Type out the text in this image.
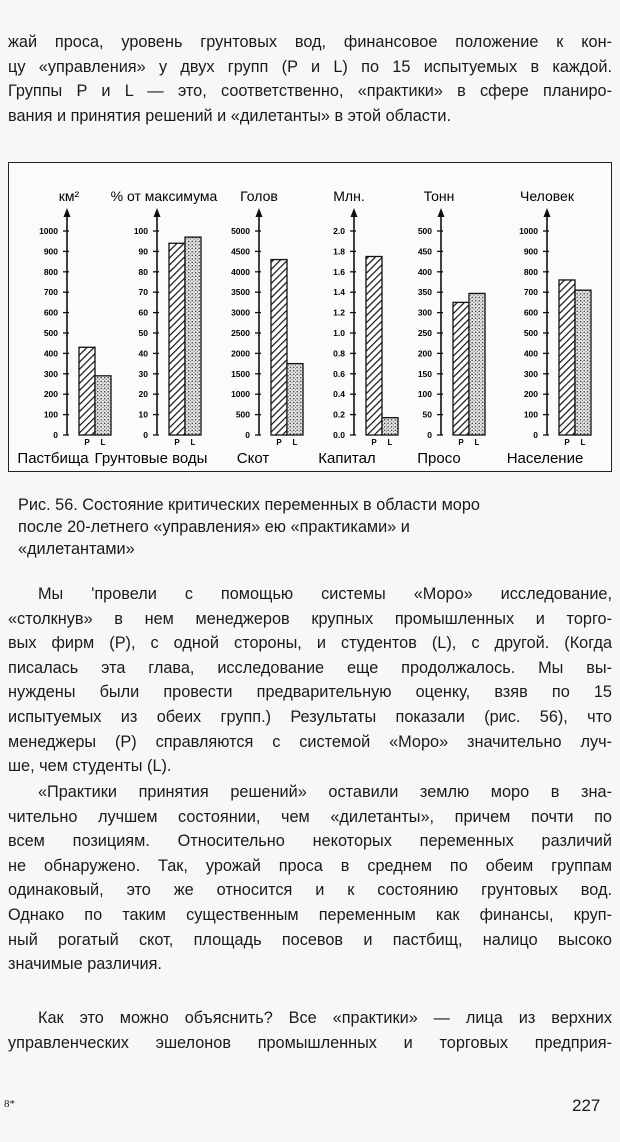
жай проса, уровень грунтовых вод, финансовое положение к кон-
цу «управления» у двух групп (P и L) по 15 испытуемых в каждой.
Группы P и L — это, соответственно, «практики» в сфере планиро-
вания и принятия решений и «дилетанты» в этой области.
км²
0
100
200
300
400
500
600
700
800
900
1000
P L
Пастбища
% от максимума
0
10
20
30
40
50
60
70
80
90
100
P L
Грунтовые воды
Голов
0
500
1000
1500
2000
2500
3000
3500
4000
4500
5000
P L
Скот
Млн.
0.0
0.2
0.4
0.6
0.8
1.0
1.2
1.4
1.6
1.8
2.0
P L
Капитал
Тонн
0
50
100
150
200
250
300
350
400
450
500
P L
Просо
Человек
0
100
200
300
400
500
600
700
800
900
1000
P L
Население
Рис. 56. Состояние критических переменных в области моро
после 20-летнего «управления» ею «практиками» и
«дилетантами»
Мы 'провели с помощью системы «Моро» исследование,
«столкнув» в нем менеджеров крупных промышленных и торго-
вых фирм (P), с одной стороны, и студентов (L), с другой. (Когда
писалась эта глава, исследование еще продолжалось. Мы вы-
нуждены были провести предварительную оценку, взяв по 15
испытуемых из обеих групп.) Результаты показали (рис. 56), что
менеджеры (P) справляются с системой «Моро» значительно луч-
ше, чем студенты (L).
«Практики принятия решений» оставили землю моро в зна-
чительно лучшем состоянии, чем «дилетанты», причем почти по
всем позициям. Относительно некоторых переменных различий
не обнаружено. Так, урожай проса в среднем по обеим группам
одинаковый, это же относится и к состоянию грунтовых вод.
Однако по таким существенным переменным как финансы, круп-
ный рогатый скот, площадь посевов и пастбищ, налицо высоко
значимые различия.
Как это можно объяснить? Все «практики» — лица из верхних
управленческих эшелонов промышленных и торговых предприя-
8*	227
